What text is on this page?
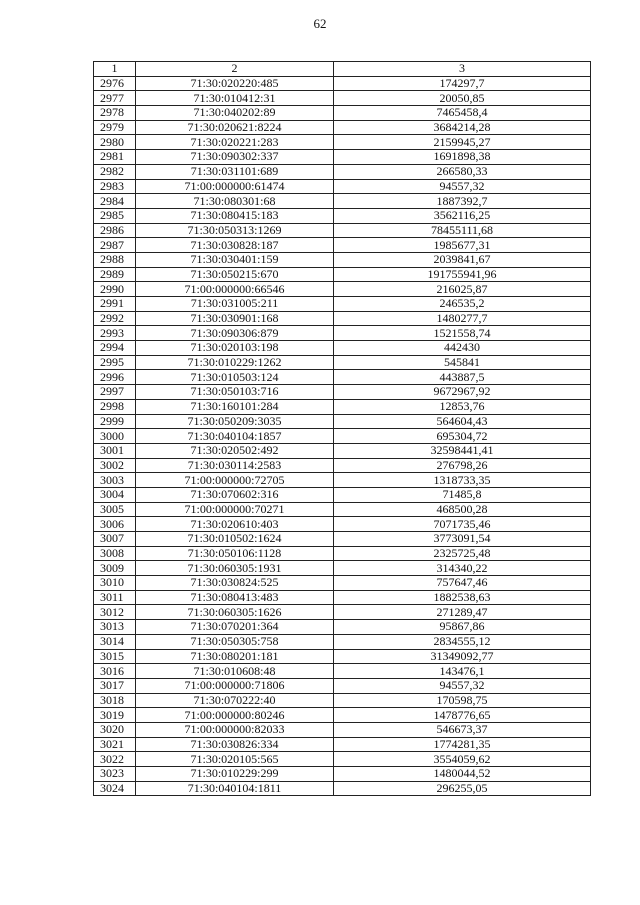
62
1	2	3
2976	71:30:020220:485	174297,7
2977	71:30:010412:31	20050,85
2978	71:30:040202:89	7465458,4
2979	71:30:020621:8224	3684214,28
2980	71:30:020221:283	2159945,27
2981	71:30:090302:337	1691898,38
2982	71:30:031101:689	266580,33
2983	71:00:000000:61474	94557,32
2984	71:30:080301:68	1887392,7
2985	71:30:080415:183	3562116,25
2986	71:30:050313:1269	78455111,68
2987	71:30:030828:187	1985677,31
2988	71:30:030401:159	2039841,67
2989	71:30:050215:670	191755941,96
2990	71:00:000000:66546	216025,87
2991	71:30:031005:211	246535,2
2992	71:30:030901:168	1480277,7
2993	71:30:090306:879	1521558,74
2994	71:30:020103:198	442430
2995	71:30:010229:1262	545841
2996	71:30:010503:124	443887,5
2997	71:30:050103:716	9672967,92
2998	71:30:160101:284	12853,76
2999	71:30:050209:3035	564604,43
3000	71:30:040104:1857	695304,72
3001	71:30:020502:492	32598441,41
3002	71:30:030114:2583	276798,26
3003	71:00:000000:72705	1318733,35
3004	71:30:070602:316	71485,8
3005	71:00:000000:70271	468500,28
3006	71:30:020610:403	7071735,46
3007	71:30:010502:1624	3773091,54
3008	71:30:050106:1128	2325725,48
3009	71:30:060305:1931	314340,22
3010	71:30:030824:525	757647,46
3011	71:30:080413:483	1882538,63
3012	71:30:060305:1626	271289,47
3013	71:30:070201:364	95867,86
3014	71:30:050305:758	2834555,12
3015	71:30:080201:181	31349092,77
3016	71:30:010608:48	143476,1
3017	71:00:000000:71806	94557,32
3018	71:30:070222:40	170598,75
3019	71:00:000000:80246	1478776,65
3020	71:00:000000:82033	546673,37
3021	71:30:030826:334	1774281,35
3022	71:30:020105:565	3554059,62
3023	71:30:010229:299	1480044,52
3024	71:30:040104:1811	296255,05
